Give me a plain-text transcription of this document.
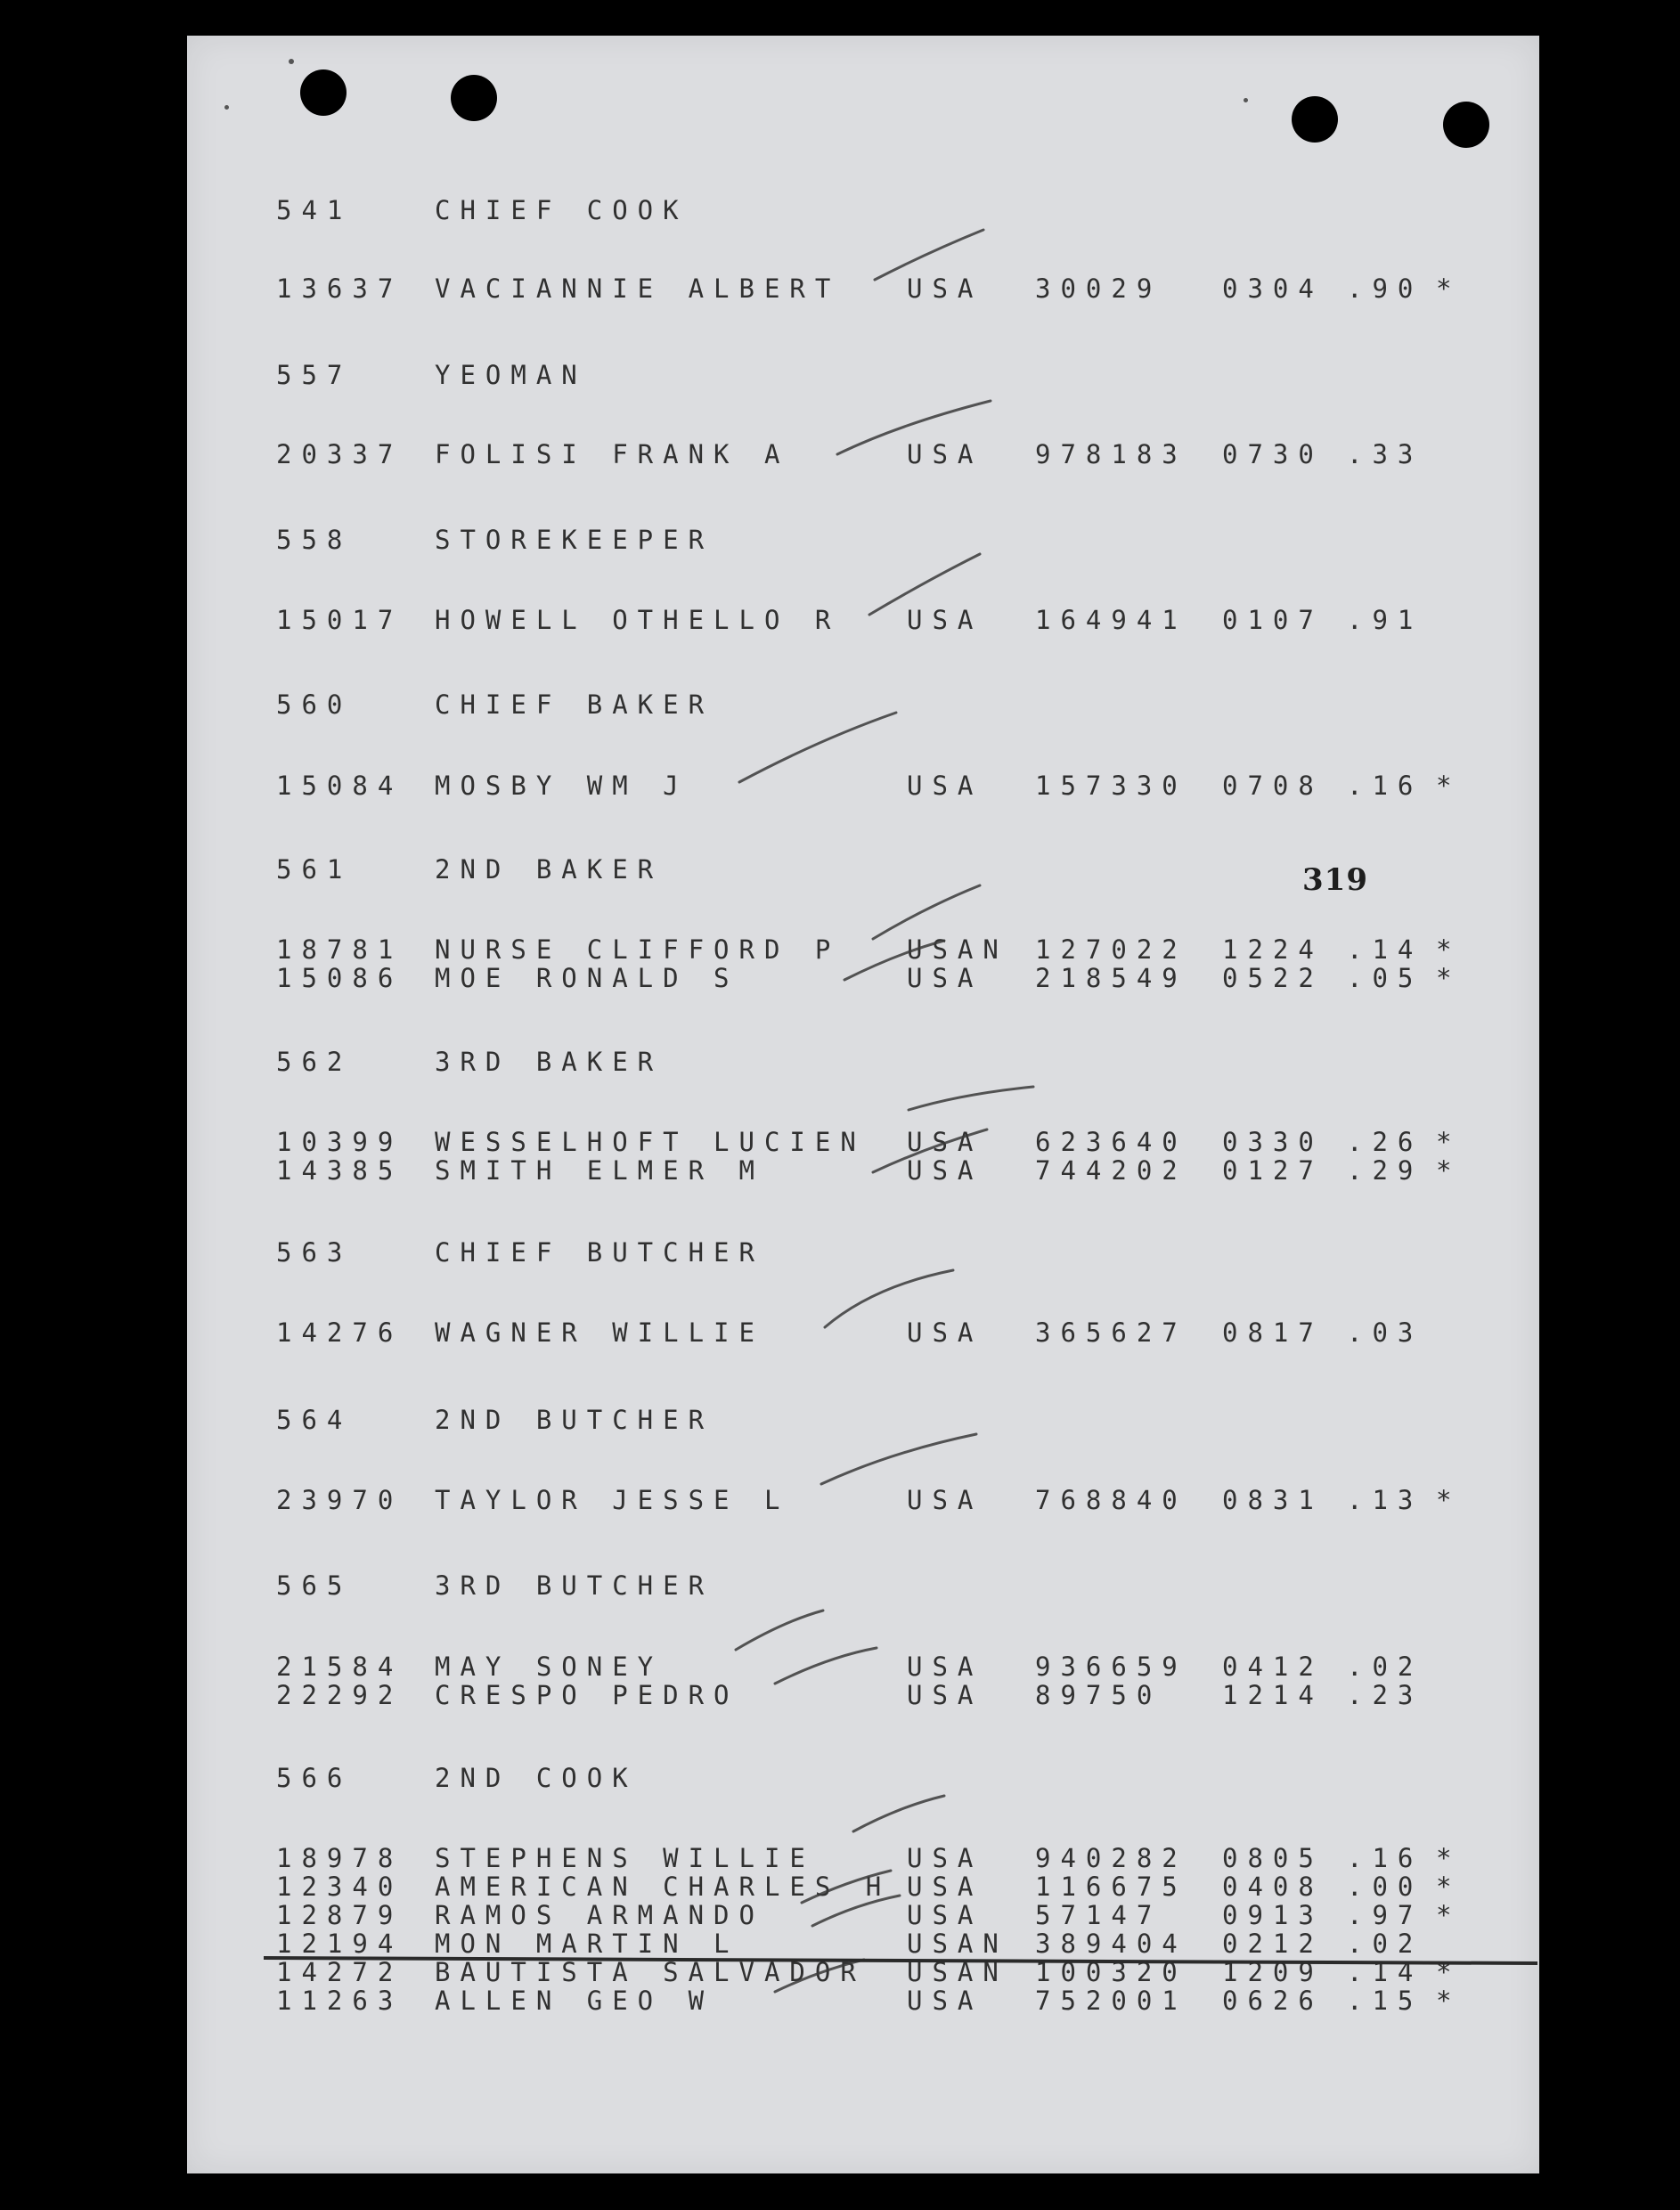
319
541	CHIEF COOK
13637 VACIANNIE ALBERT	USA 30029 0304 .90 *
557	YEOMAN
20337 FOLISI FRANK A	USA 978183 0730 .33
558	STOREKEEPER
15017 HOWELL OTHELLO R	USA 164941 0107 .91
560	CHIEF BAKER
15084 MOSBY WM J	USA 157330 0708 .16 *
561	2ND BAKER
18781 NURSE CLIFFORD P	USAN 127022 1224 .14 *
15086 MOE RONALD S	USA 218549 0522 .05 *
562	3RD BAKER
10399 WESSELHOFT LUCIEN USA 623640 0330 .26 *
14385 SMITH ELMER M	USA 744202 0127 .29 *
563	CHIEF BUTCHER
14276 WAGNER WILLIE	USA 365627 0817 .03
564	2ND BUTCHER
23970 TAYLOR JESSE L	USA 768840 0831 .13 *
565	3RD BUTCHER
21584 MAY SONEY	USA 936659 0412 .02
22292 CRESPO PEDRO	USA 89750 1214 .23
566	2ND COOK
18978 STEPHENS WILLIE	USA 940282 0805 .16 *
12340 AMERICAN CHARLES H USA 116675 0408 .00 *
12879 RAMOS ARMANDO	USA 57147 0913 .97 *
12194 MON MARTIN L	USAN 389404 0212 .02
14272 BAUTISTA SALVADOR USAN 100320 1209 .14 *
11263 ALLEN GEO W	USA 752001 0626 .15 *
